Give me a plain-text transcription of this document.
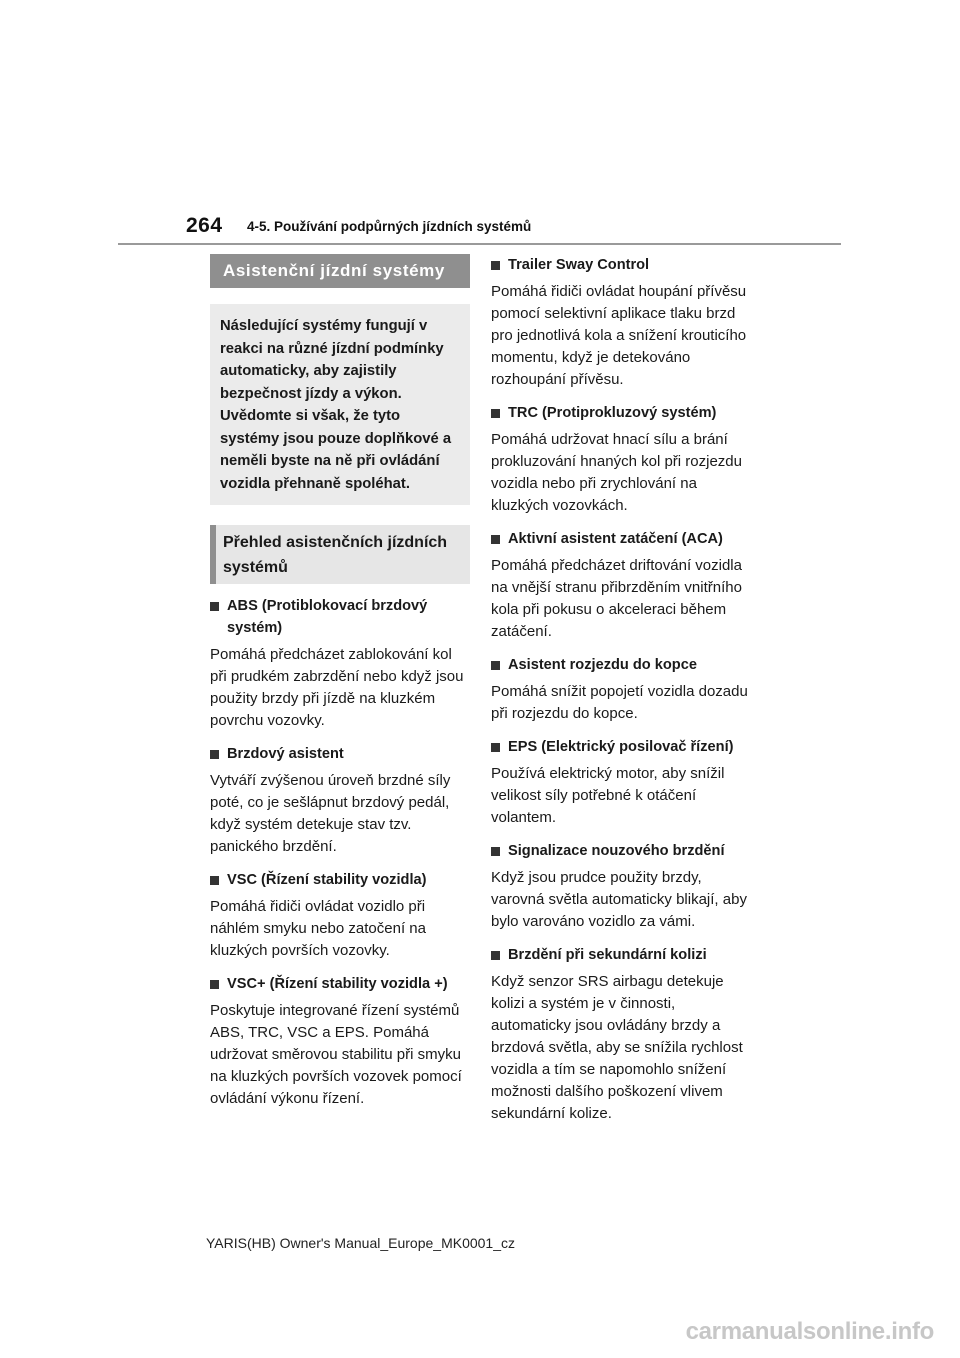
264 4-5. Používání podpůrných jízdních systémů
Asistenční jízdní systémy
Následující systémy fungují v reakci na různé jízdní podmínky automaticky, aby zajistily bezpečnost jízdy a výkon. Uvědomte si však, že tyto systémy jsou pouze doplňkové a neměli byste na ně při ovládání vozidla přehnaně spoléhat.
Přehled asistenčních jízdních systémů
ABS (Protiblokovací brzdový systém)
Pomáhá předcházet zablokování kol při prudkém zabrzdění nebo když jsou použity brzdy při jízdě na kluzkém povrchu vozovky.
Brzdový asistent
Vytváří zvýšenou úroveň brzdné síly poté, co je sešlápnut brzdový pedál, když systém detekuje stav tzv. panického brzdění.
VSC (Řízení stability vozidla)
Pomáhá řidiči ovládat vozidlo při náhlém smyku nebo zatočení na kluzkých površích vozovky.
VSC+ (Řízení stability vozidla +)
Poskytuje integrované řízení systémů ABS, TRC, VSC a EPS. Pomáhá udržovat směrovou stabilitu při smyku na kluzkých površích vozovek pomocí ovládání výkonu řízení.
Trailer Sway Control
Pomáhá řidiči ovládat houpání přívěsu pomocí selektivní aplikace tlaku brzd pro jednotlivá kola a snížení krouticího momentu, když je detekováno rozhoupání přívěsu.
TRC (Protiprokluzový systém)
Pomáhá udržovat hnací sílu a brání prokluzování hnaných kol při rozjezdu vozidla nebo při zrychlování na kluzkých vozovkách.
Aktivní asistent zatáčení (ACA)
Pomáhá předcházet driftování vozidla na vnější stranu přibrzděním vnitřního kola při pokusu o akceleraci během zatáčení.
Asistent rozjezdu do kopce
Pomáhá snížit popojetí vozidla dozadu při rozjezdu do kopce.
EPS (Elektrický posilovač řízení)
Používá elektrický motor, aby snížil velikost síly potřebné k otáčení volantem.
Signalizace nouzového brzdění
Když jsou prudce použity brzdy, varovná světla automaticky blikají, aby bylo varováno vozidlo za vámi.
Brzdění při sekundární kolizi
Když senzor SRS airbagu detekuje kolizi a systém je v činnosti, automaticky jsou ovládány brzdy a brzdová světla, aby se snížila rychlost vozidla a tím se napomohlo snížení možnosti dalšího poškození vlivem sekundární kolize.
YARIS(HB) Owner's Manual_Europe_MK0001_cz
carmanualsonline.info
